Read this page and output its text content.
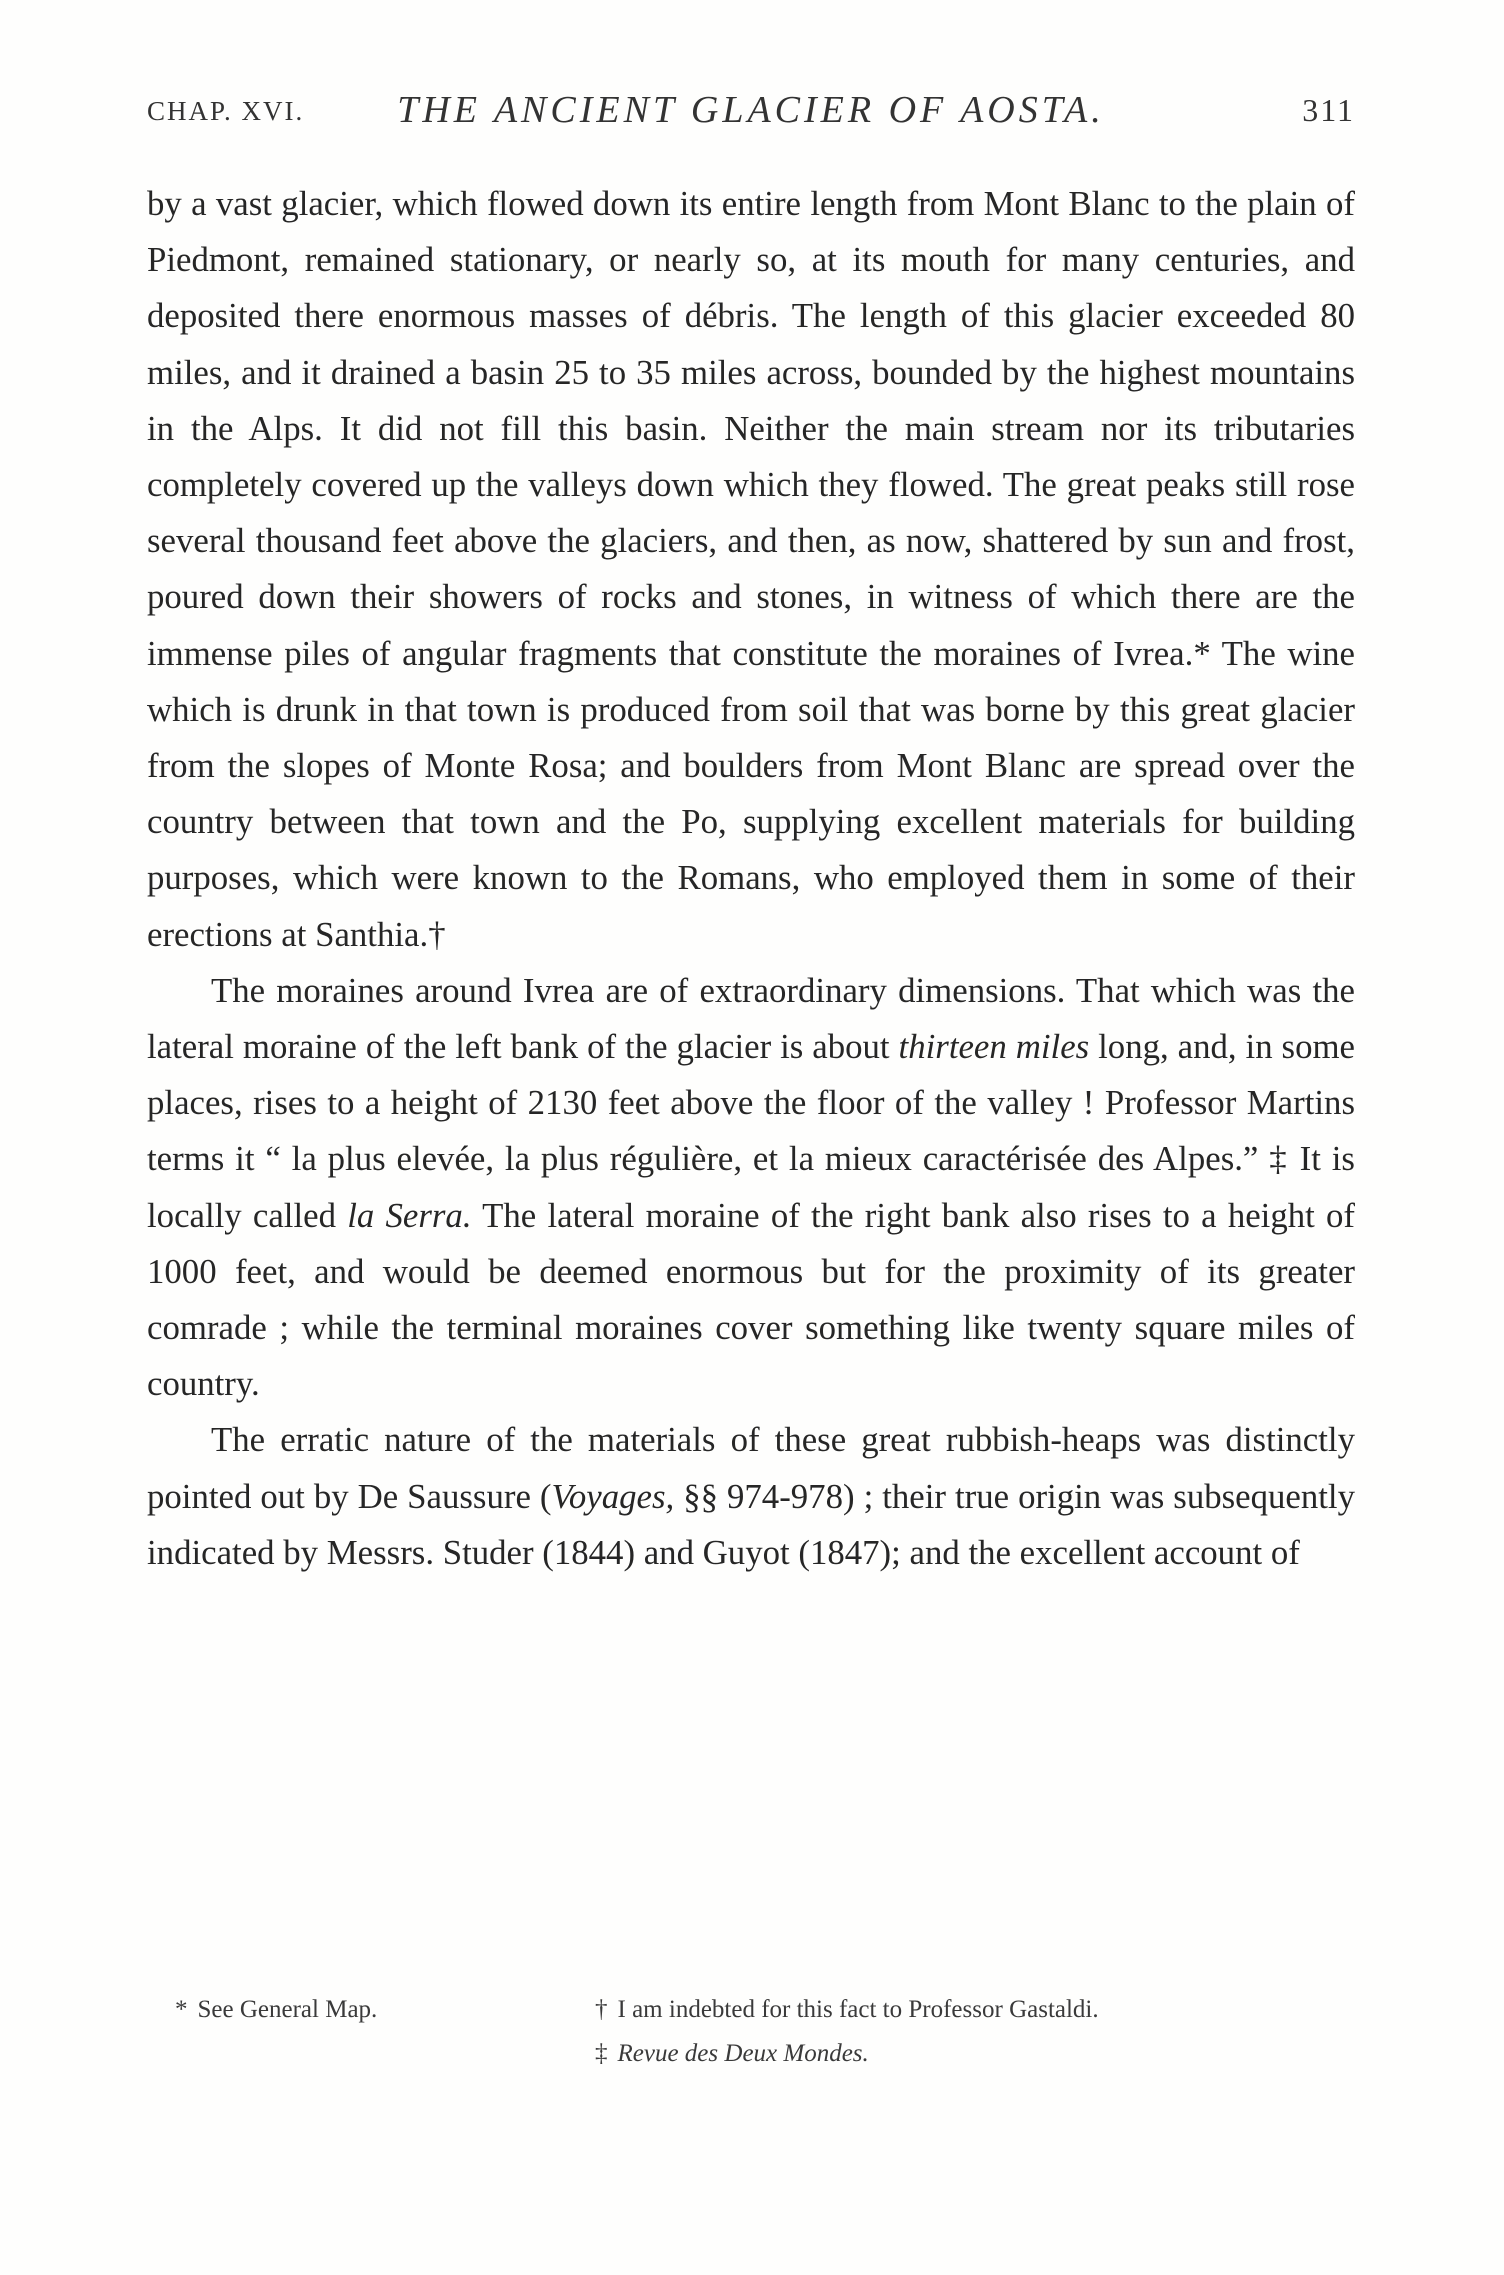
CHAP. XVI.	THE ANCIENT GLACIER OF AOSTA.	311

by a vast glacier, which flowed down its entire length from Mont Blanc to the plain of Piedmont, remained stationary, or nearly so, at its mouth for many centuries, and deposited there enormous masses of débris. The length of this glacier exceeded 80 miles, and it drained a basin 25 to 35 miles across, bounded by the highest mountains in the Alps. It did not fill this basin. Neither the main stream nor its tributaries completely covered up the valleys down which they flowed. The great peaks still rose several thousand feet above the glaciers, and then, as now, shattered by sun and frost, poured down their showers of rocks and stones, in witness of which there are the immense piles of angular fragments that constitute the moraines of Ivrea.* The wine which is drunk in that town is produced from soil that was borne by this great glacier from the slopes of Monte Rosa; and boulders from Mont Blanc are spread over the country between that town and the Po, supplying excellent materials for building purposes, which were known to the Romans, who employed them in some of their erections at Santhia.†

The moraines around Ivrea are of extraordinary dimensions. That which was the lateral moraine of the left bank of the glacier is about thirteen miles long, and, in some places, rises to a height of 2130 feet above the floor of the valley ! Professor Martins terms it “ la plus elevée, la plus régulière, et la mieux caractérisée des Alpes.” ‡ It is locally called la Serra. The lateral moraine of the right bank also rises to a height of 1000 feet, and would be deemed enormous but for the proximity of its greater comrade ; while the terminal moraines cover something like twenty square miles of country.

The erratic nature of the materials of these great rubbish-heaps was distinctly pointed out by De Saussure (Voyages, §§ 974-978) ; their true origin was subsequently indicated by Messrs. Studer (1844) and Guyot (1847); and the excellent account of

* See General Map.	† I am indebted for this fact to Professor Gastaldi.
‡ Revue des Deux Mondes.
